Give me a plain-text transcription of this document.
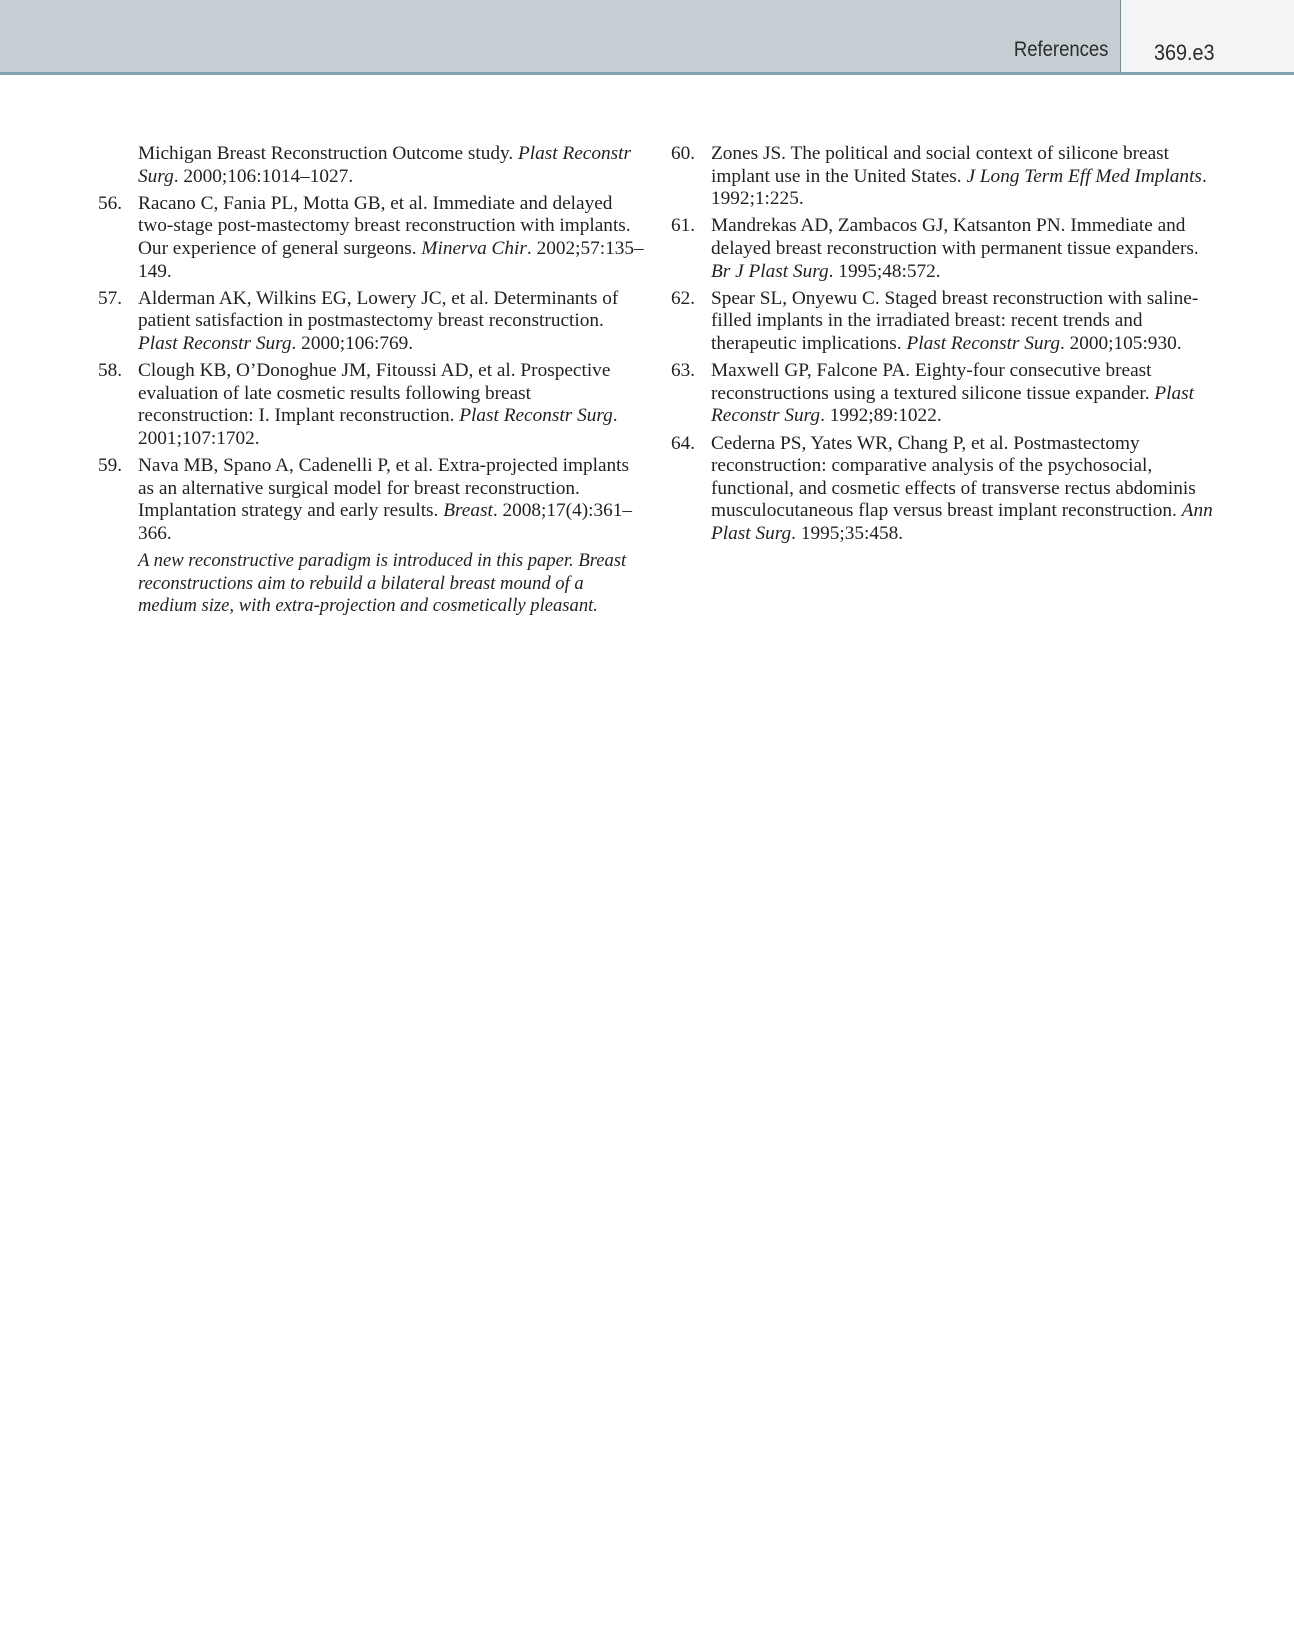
References 369.e3
Michigan Breast Reconstruction Outcome study. Plast Reconstr Surg. 2000;106:1014–1027.
56. Racano C, Fania PL, Motta GB, et al. Immediate and delayed two-stage post-mastectomy breast reconstruction with implants. Our experience of general surgeons. Minerva Chir. 2002;57:135–149.
57. Alderman AK, Wilkins EG, Lowery JC, et al. Determinants of patient satisfaction in postmastectomy breast reconstruction. Plast Reconstr Surg. 2000;106:769.
58. Clough KB, O’Donoghue JM, Fitoussi AD, et al. Prospective evaluation of late cosmetic results following breast reconstruction: I. Implant reconstruction. Plast Reconstr Surg. 2001;107:1702.
59. Nava MB, Spano A, Cadenelli P, et al. Extra-projected implants as an alternative surgical model for breast reconstruction. Implantation strategy and early results. Breast. 2008;17(4):361–366.
A new reconstructive paradigm is introduced in this paper. Breast reconstructions aim to rebuild a bilateral breast mound of a medium size, with extra-projection and cosmetically pleasant.
60. Zones JS. The political and social context of silicone breast implant use in the United States. J Long Term Eff Med Implants. 1992;1:225.
61. Mandrekas AD, Zambacos GJ, Katsanton PN. Immediate and delayed breast reconstruction with permanent tissue expanders. Br J Plast Surg. 1995;48:572.
62. Spear SL, Onyewu C. Staged breast reconstruction with saline-filled implants in the irradiated breast: recent trends and therapeutic implications. Plast Reconstr Surg. 2000;105:930.
63. Maxwell GP, Falcone PA. Eighty-four consecutive breast reconstructions using a textured silicone tissue expander. Plast Reconstr Surg. 1992;89:1022.
64. Cederna PS, Yates WR, Chang P, et al. Postmastectomy reconstruction: comparative analysis of the psychosocial, functional, and cosmetic effects of transverse rectus abdominis musculocutaneous flap versus breast implant reconstruction. Ann Plast Surg. 1995;35:458.
